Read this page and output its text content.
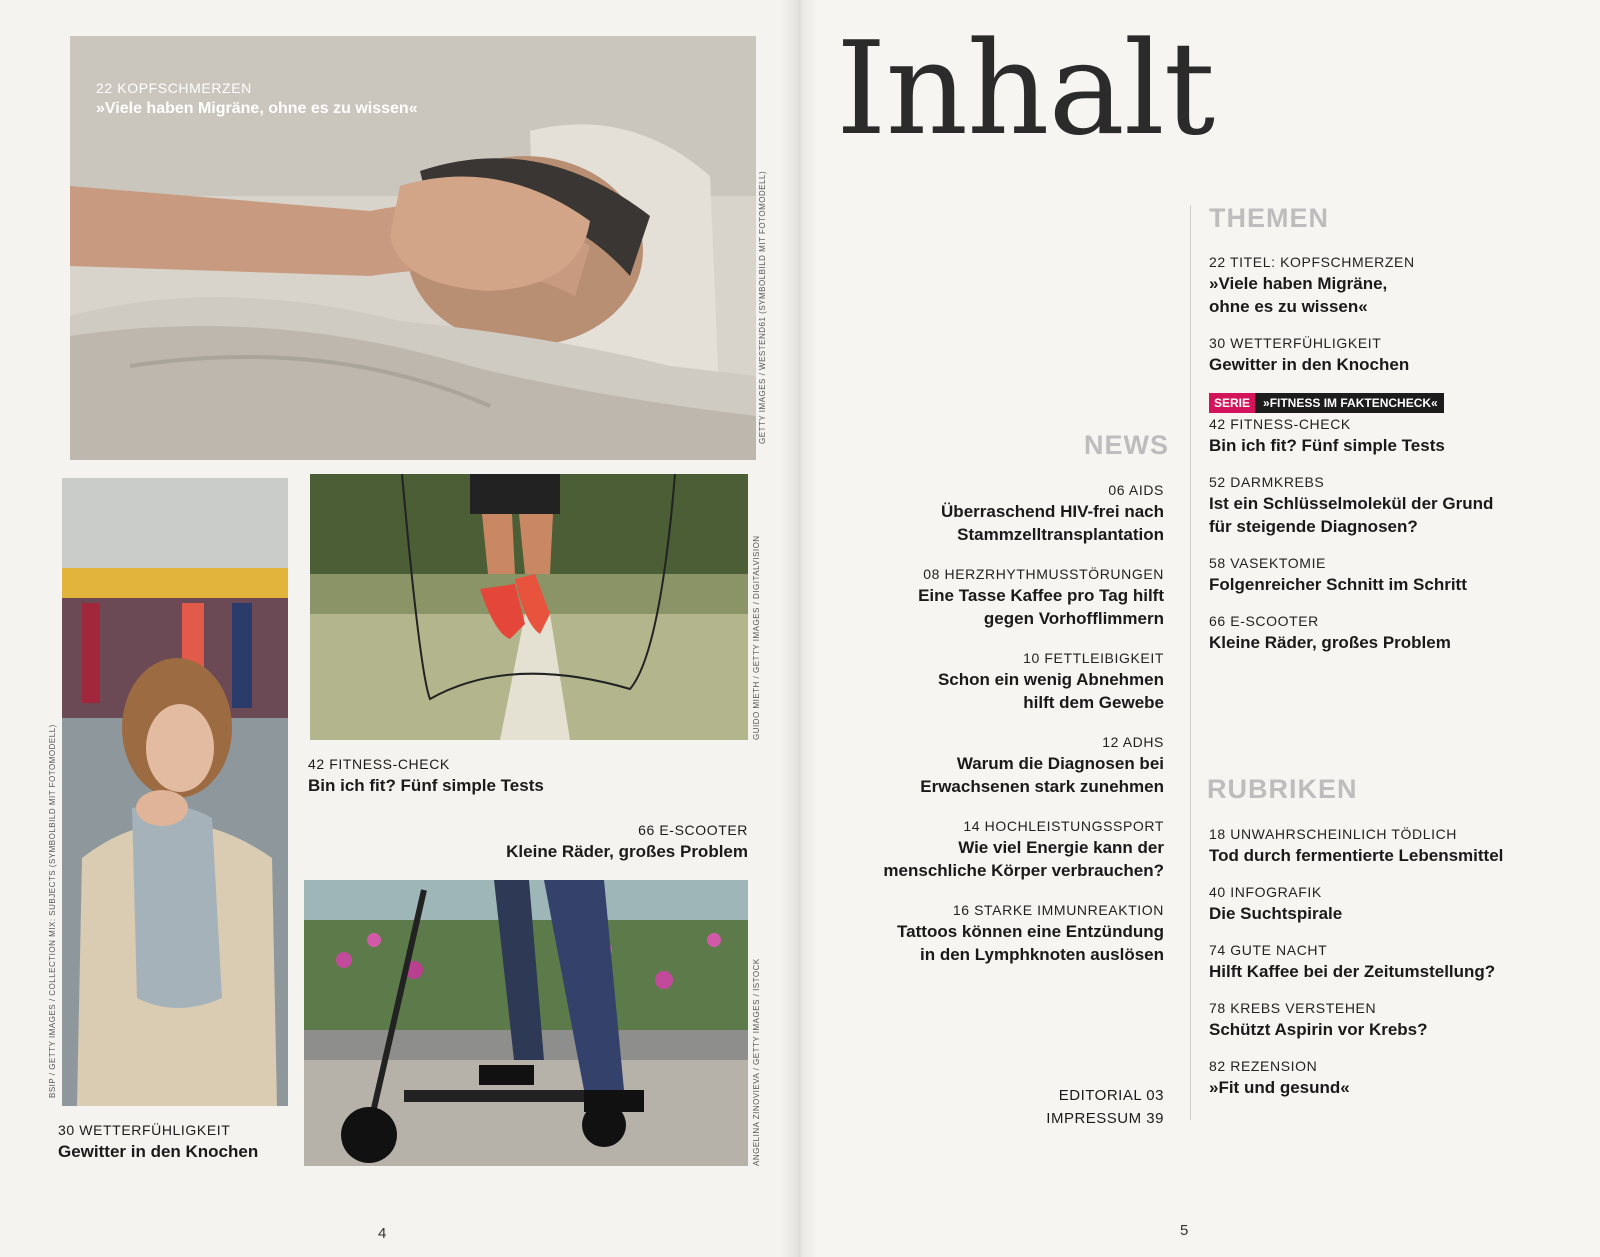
22 KOPFSCHMERZEN
»Viele haben Migräne, ohne es zu wissen«
GETTY IMAGES / WESTEND61 (SYMBOLBILD MIT FOTOMODELL)
BSIP / GETTY IMAGES / COLLECTION MIX: SUBJECTS (SYMBOLBILD MIT FOTOMODELL)
GUIDO MIETH / GETTY IMAGES / DIGITALVISION
42 FITNESS-CHECK
Bin ich fit? Fünf simple Tests
66 E-SCOOTER
Kleine Räder, großes Problem
ANGELINA ZINOVIEVA / GETTY IMAGES / ISTOCK
30 WETTERFÜHLIGKEIT
Gewitter in den Knochen
4
Inhalt
NEWS
06 AIDS
Überraschend HIV-frei nach
Stammzelltransplantation
08 HERZRHYTHMUSSTÖRUNGEN
Eine Tasse Kaffee pro Tag hilft
gegen Vorhofflimmern
10 FETTLEIBIGKEIT
Schon ein wenig Abnehmen
hilft dem Gewebe
12 ADHS
Warum die Diagnosen bei
Erwachsenen stark zunehmen
14 HOCHLEISTUNGSSPORT
Wie viel Energie kann der
menschliche Körper verbrauchen?
16 STARKE IMMUNREAKTION
Tattoos können eine Entzündung
in den Lymphknoten auslösen
EDITORIAL 03
IMPRESSUM 39
THEMEN
22 TITEL: KOPFSCHMERZEN
»Viele haben Migräne,
ohne es zu wissen«
30 WETTERFÜHLIGKEIT
Gewitter in den Knochen
SERIE	»FITNESS IM FAKTENCHECK«
42 FITNESS-CHECK
Bin ich fit? Fünf simple Tests
52 DARMKREBS
Ist ein Schlüsselmolekül der Grund
für steigende Diagnosen?
58 VASEKTOMIE
Folgenreicher Schnitt im Schritt
66 E-SCOOTER
Kleine Räder, großes Problem
RUBRIKEN
18 UNWAHRSCHEINLICH TÖDLICH
Tod durch fermentierte Lebensmittel
40 INFOGRAFIK
Die Suchtspirale
74 GUTE NACHT
Hilft Kaffee bei der Zeitumstellung?
78 KREBS VERSTEHEN
Schützt Aspirin vor Krebs?
82 REZENSION
»Fit und gesund«
5
